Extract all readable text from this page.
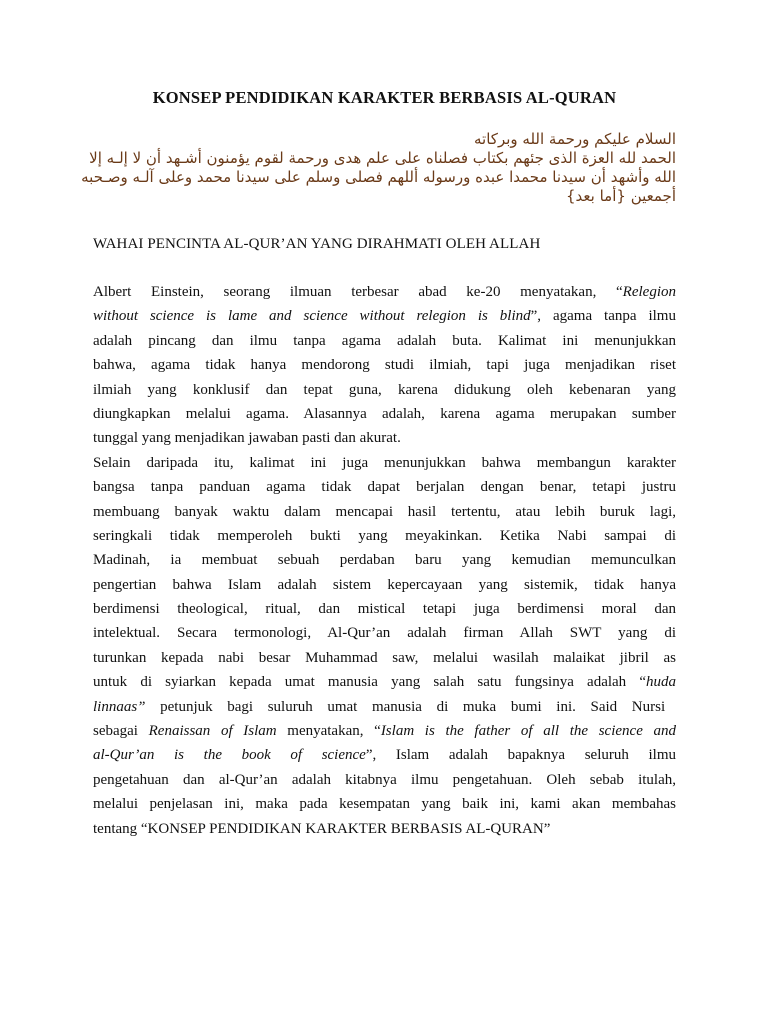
KONSEP PENDIDIKAN KARAKTER BERBASIS AL-QURAN
السلام عليكم ورحمة الله وبركاته
الحمد لله العزة الذى جئهم بكتاب فصلناه على علم هدى ورحمة لقوم يؤمنون أشـهد أن لا إلـه إلا
الله وأشهد أن سيدنا محمدا عبده ورسوله أللهم فصلى وسلم على سيدنا محمد وعلى آلـه وصـحبه
أجمعين {أما بعد}
WAHAI PENCINTA AL-QUR’AN YANG DIRAHMATI OLEH ALLAH
Albert Einstein, seorang ilmuan terbesar abad ke-20 menyatakan, “Relegion
without science is lame and science without relegion is blind”, agama tanpa ilmu
adalah pincang dan ilmu tanpa agama adalah buta. Kalimat ini menunjukkan
bahwa, agama tidak hanya mendorong studi ilmiah, tapi juga menjadikan riset
ilmiah yang konklusif dan tepat guna, karena didukung oleh kebenaran yang
diungkapkan melalui agama. Alasannya adalah, karena agama merupakan sumber
tunggal yang menjadikan jawaban pasti dan akurat.
Selain daripada itu, kalimat ini juga menunjukkan bahwa membangun karakter
bangsa tanpa panduan agama tidak dapat berjalan dengan benar, tetapi justru
membuang banyak waktu dalam mencapai hasil tertentu, atau lebih buruk lagi,
seringkali tidak memperoleh bukti yang meyakinkan. Ketika Nabi sampai di
Madinah, ia membuat sebuah perdaban baru yang kemudian memunculkan
pengertian bahwa Islam adalah sistem kepercayaan yang sistemik, tidak hanya
berdimensi theological, ritual, dan mistical tetapi juga berdimensi moral dan
intelektual. Secara termonologi, Al-Qur’an adalah firman Allah SWT yang di
turunkan kepada nabi besar Muhammad saw, melalui wasilah malaikat jibril as
untuk di syiarkan kepada umat manusia yang salah satu fungsinya adalah “huda
linnaas” petunjuk bagi suluruh umat manusia di muka bumi ini. Said Nursi
sebagai Renaissan of Islam menyatakan, “Islam is the father of all the science and
al-Qur’an is the book of science”, Islam adalah bapaknya seluruh ilmu
pengetahuan dan al-Qur’an adalah kitabnya ilmu pengetahuan. Oleh sebab itulah,
melalui penjelasan ini, maka pada kesempatan yang baik ini, kami akan membahas
tentang “KONSEP PENDIDIKAN KARAKTER BERBASIS AL-QURAN”
